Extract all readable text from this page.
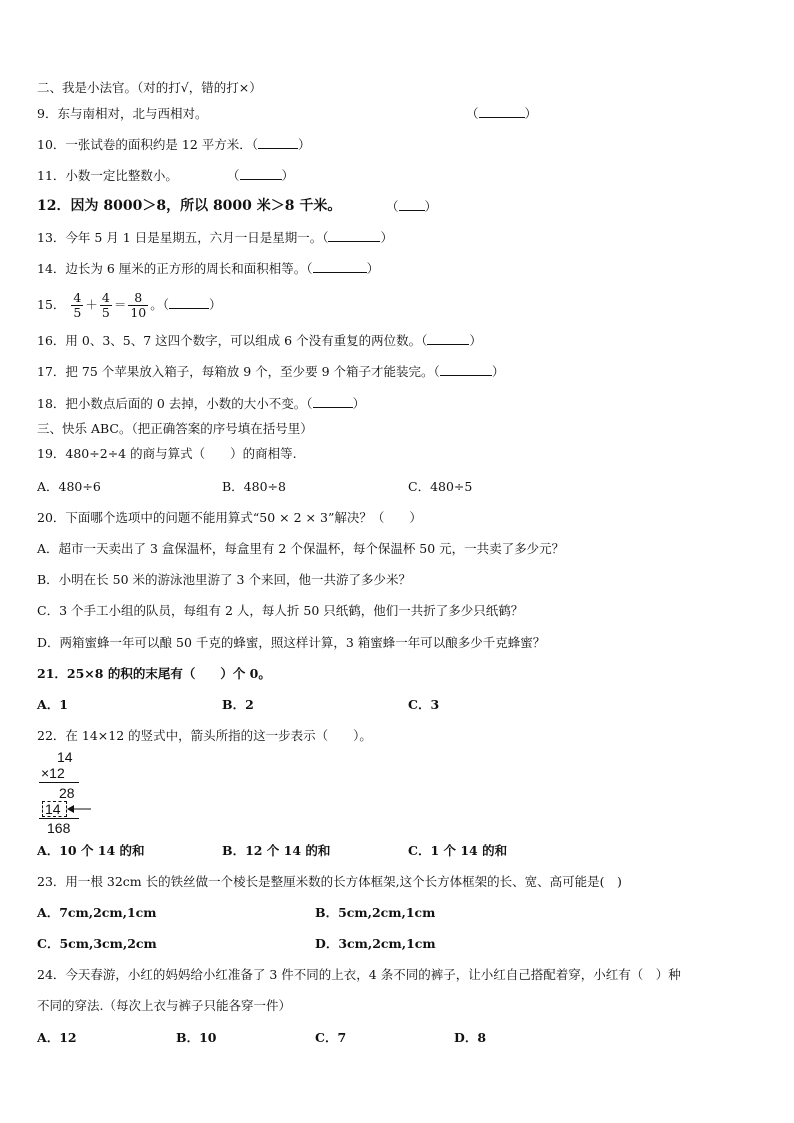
二、我是小法官。（对的打√，错的打×）
9．东与南相对，北与西相对。	（	）
10．一张试卷的面积约是 12 平方米．（	）
11．小数一定比整数小。	（	）
12．因为 8000＞8，所以 8000 米＞8 千米。	（ ）
13．今年 5 月 1 日是星期五，六月一日是星期一。（	）
14．边长为 6 厘米的正方形的周长和面积相等。（	）
15． $\frac{4}{5} + \frac{4}{5} = \frac{8}{10}$ 。（	）
16．用 0、3、5、7 这四个数字，可以组成 6 个没有重复的两位数。（	）
17．把 75 个苹果放入箱子，每箱放 9 个，至少要 9 个箱子才能装完。（	）
18．把小数点后面的 0 去掉，小数的大小不变。（	）
三、快乐 ABC。（把正确答案的序号填在括号里）
19．480÷2÷4 的商与算式（　　）的商相等.
A．480÷6	B．480÷8	C．480÷5
20．下面哪个选项中的问题不能用算式“50 × 2 × 3”解决？（　　）
A．超市一天卖出了 3 盒保温杯，每盒里有 2 个保温杯，每个保温杯 50 元，一共卖了多少元？
B．小明在长 50 米的游泳池里游了 3 个来回，他一共游了多少米？
C．3 个手工小组的队员，每组有 2 人，每人折 50 只纸鹤，他们一共折了多少只纸鹤？
D．两箱蜜蜂一年可以酿 50 千克的蜂蜜，照这样计算，3 箱蜜蜂一年可以酿多少千克蜂蜜？
21．25×8 的积的末尾有（　　）个 0。
A．1	B．2	C．3
22．在 14×12 的竖式中，箭头所指的这一步表示（　　）。
14
×12
28
14
168
A．10 个 14 的和	B．12 个 14 的和	C．1 个 14 的和
23．用一根 32cm 长的铁丝做一个棱长是整厘米数的长方体框架,这个长方体框架的长、宽、高可能是(　)
A．7cm,2cm,1cm	B．5cm,2cm,1cm
C．5cm,3cm,2cm	D．3cm,2cm,1cm
24．今天春游，小红的妈妈给小红准备了 3 件不同的上衣，4 条不同的裤子，让小红自己搭配着穿，小红有（　）种
不同的穿法.（每次上衣与裤子只能各穿一件）
A．12	B．10	C．7	D．8
